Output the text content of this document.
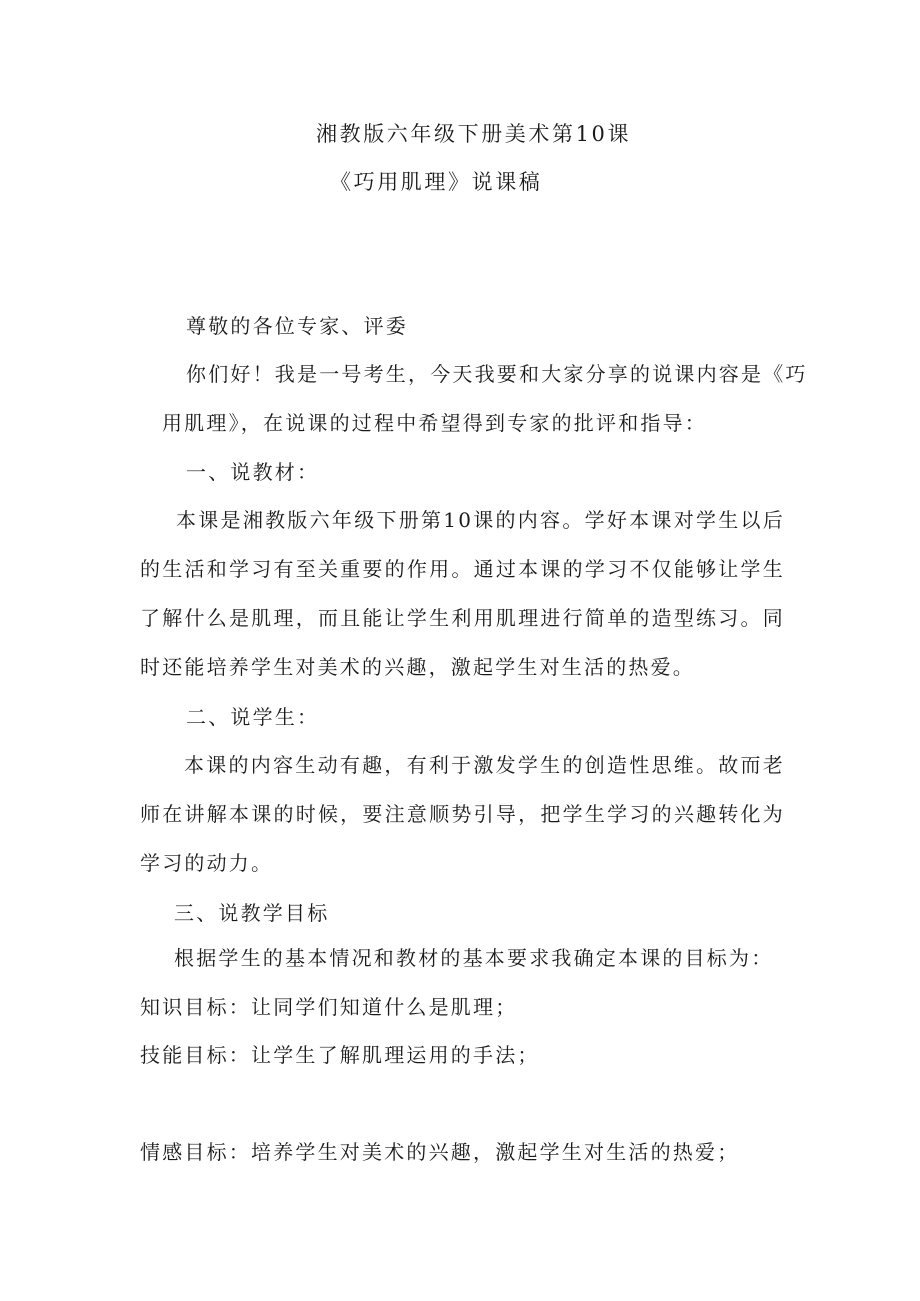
湘教版六年级下册美术第10课
《巧用肌理》说课稿
尊敬的各位专家、评委
你们好！我是一号考生，今天我要和大家分享的说课内容是《巧
用肌理》，在说课的过程中希望得到专家的批评和指导：
一、说教材：
本课是湘教版六年级下册第10课的内容。学好本课对学生以后的生活和学习有至关重要的作用。通过本课的学习不仅能够让学生了解什么是肌理，而且能让学生利用肌理进行简单的造型练习。同时还能培养学生对美术的兴趣，激起学生对生活的热爱。
二、说学生：
本课的内容生动有趣，有利于激发学生的创造性思维。故而老师在讲解本课的时候，要注意顺势引导，把学生学习的兴趣转化为学习的动力。
三、说教学目标
根据学生的基本情况和教材的基本要求我确定本课的目标为：
知识目标：让同学们知道什么是肌理；
技能目标：让学生了解肌理运用的手法；
情感目标：培养学生对美术的兴趣，激起学生对生活的热爱；
